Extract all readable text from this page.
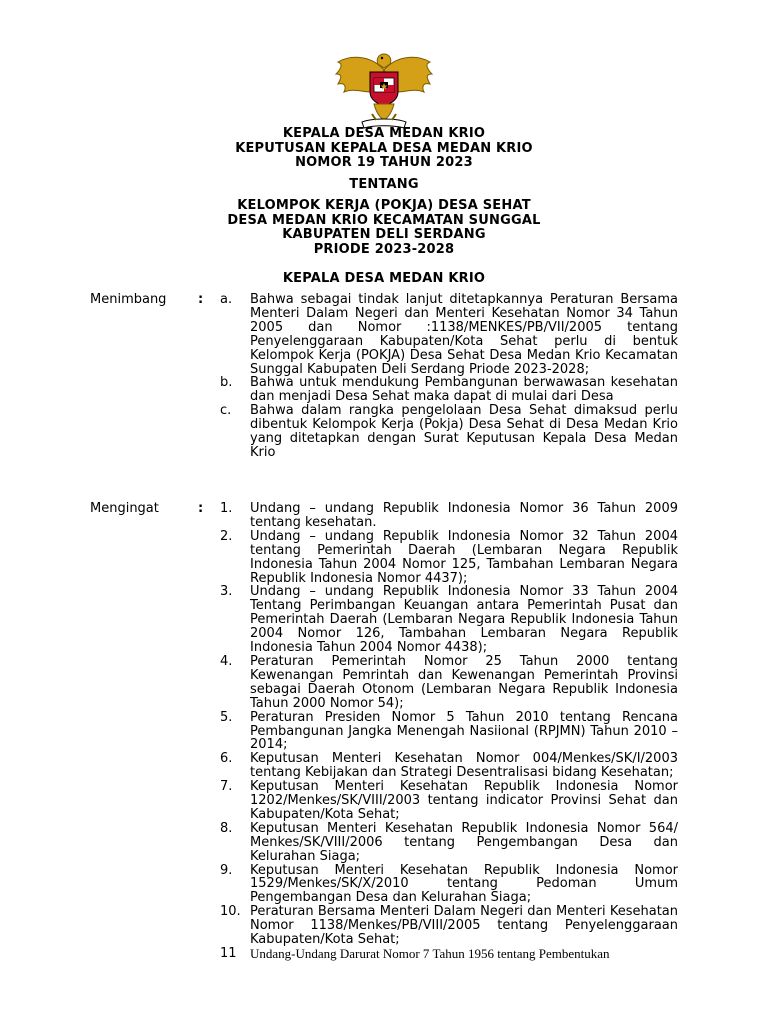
KEPALA DESA MEDAN KRIO
KEPUTUSAN KEPALA DESA MEDAN KRIO
NOMOR 19 TAHUN 2023
TENTANG
KELOMPOK KERJA (POKJA) DESA SEHAT
DESA MEDAN KRIO KECAMATAN SUNGGAL
KABUPATEN DELI SERDANG
PRIODE 2023-2028
KEPALA DESA MEDAN KRIO
Menimbang :	a.	Bahwa sebagai tindak lanjut ditetapkannya Peraturan Bersama Menteri Dalam Negeri dan Menteri Kesehatan Nomor 34 Tahun 2005 dan Nomor :1138/MENKES/PB/VII/2005 tentang Penyelenggaraan Kabupaten/Kota Sehat perlu di bentuk Kelompok Kerja (POKJA) Desa Sehat Desa Medan Krio Kecamatan Sunggal Kabupaten Deli Serdang Priode 2023-2028;
b.	Bahwa untuk mendukung Pembangunan berwawasan kesehatan dan menjadi Desa Sehat maka dapat di mulai dari Desa
c.	Bahwa dalam rangka pengelolaan Desa Sehat dimaksud perlu dibentuk Kelompok Kerja (Pokja) Desa Sehat di Desa Medan Krio yang ditetapkan dengan Surat Keputusan Kepala Desa Medan Krio
Mengingat	:	1.	Undang – undang Republik Indonesia Nomor 36 Tahun 2009 tentang kesehatan.
2.	Undang – undang Republik Indonesia Nomor 32 Tahun 2004 tentang Pemerintah Daerah (Lembaran Negara Republik Indonesia Tahun 2004 Nomor 125, Tambahan Lembaran Negara Republik Indonesia Nomor 4437);
3.	Undang – undang Republik Indonesia Nomor 33 Tahun 2004 Tentang Perimbangan Keuangan antara Pemerintah Pusat dan Pemerintah Daerah (Lembaran Negara Republik Indonesia Tahun 2004 Nomor 126, Tambahan Lembaran Negara Republik Indonesia Tahun 2004 Nomor 4438);
4.	Peraturan Pemerintah Nomor 25 Tahun 2000 tentang Kewenangan Pemrintah dan Kewenangan Pemerintah Provinsi sebagai Daerah Otonom (Lembaran Negara Republik Indonesia Tahun 2000 Nomor 54);
5.	Peraturan Presiden Nomor 5 Tahun 2010 tentang Rencana Pembangunan Jangka Menengah Nasiional (RPJMN) Tahun 2010 – 2014;
6.	Keputusan Menteri Kesehatan Nomor 004/Menkes/SK/I/2003 tentang Kebijakan dan Strategi Desentralisasi bidang Kesehatan;
7.	Keputusan Menteri Kesehatan Republik Indonesia Nomor 1202/Menkes/SK/VIII/2003 tentang indicator Provinsi Sehat dan Kabupaten/Kota Sehat;
8.	Keputusan Menteri Kesehatan Republik Indonesia Nomor 564/ Menkes/SK/VIII/2006 tentang Pengembangan Desa dan Kelurahan Siaga;
9.	Keputusan Menteri Kesehatan Republik Indonesia Nomor 1529/Menkes/SK/X/2010 tentang Pedoman Umum Pengembangan Desa dan Kelurahan Siaga;
10. Peraturan Bersama Menteri Dalam Negeri dan Menteri Kesehatan Nomor 1138/Menkes/PB/VIII/2005 tentang Penyelenggaraan Kabupaten/Kota Sehat;
11	Undang-Undang Darurat Nomor 7 Tahun 1956 tentang Pembentukan
